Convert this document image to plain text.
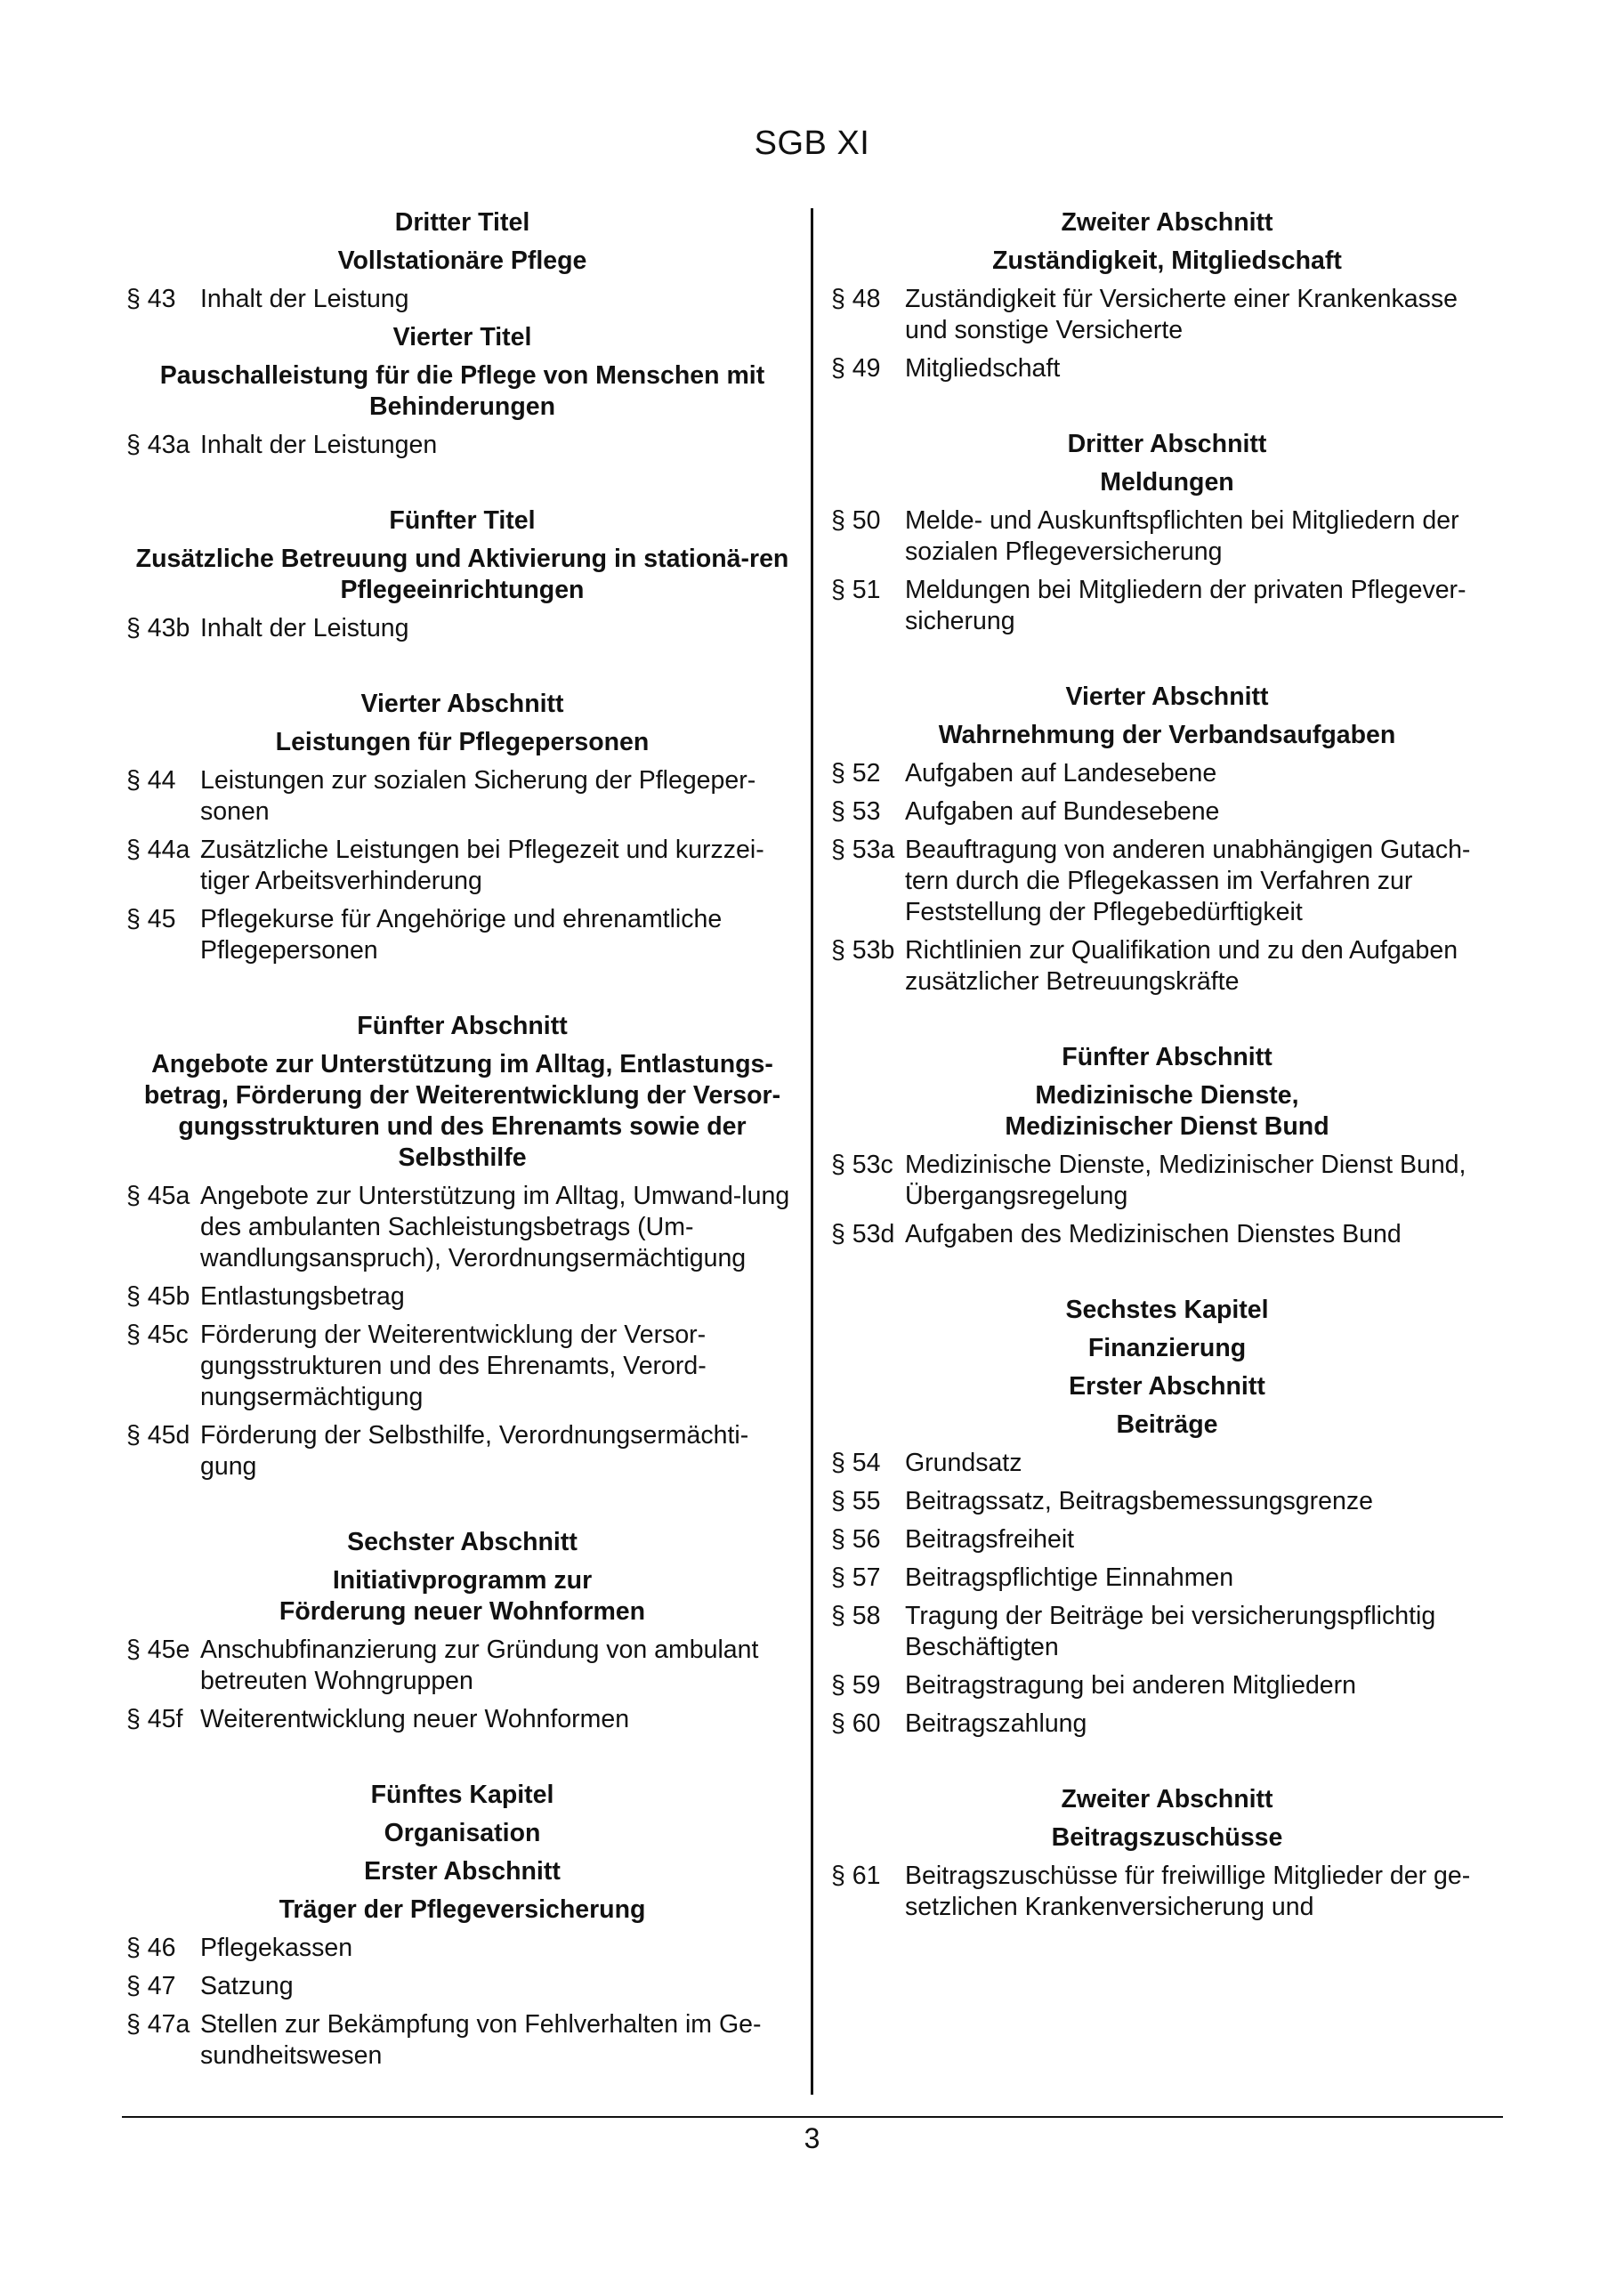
SGB XI
Dritter Titel
Vollstationäre Pflege
§ 43 Inhalt der Leistung
Vierter Titel
Pauschalleistung für die Pflege von Menschen mit Behinderungen
§ 43a Inhalt der Leistungen
Fünfter Titel
Zusätzliche Betreuung und Aktivierung in stationä-ren Pflegeeinrichtungen
§ 43b Inhalt der Leistung
Vierter Abschnitt
Leistungen für Pflegepersonen
§ 44 Leistungen zur sozialen Sicherung der Pflegeper-sonen
§ 44a Zusätzliche Leistungen bei Pflegezeit und kurzzei-tiger Arbeitsverhinderung
§ 45 Pflegekurse für Angehörige und ehrenamtliche Pflegepersonen
Fünfter Abschnitt
Angebote zur Unterstützung im Alltag, Entlastungs-betrag, Förderung der Weiterentwicklung der Versor-gungsstrukturen und des Ehrenamts sowie der Selbsthilfe
§ 45a Angebote zur Unterstützung im Alltag, Umwand-lung des ambulanten Sachleistungsbetrags (Um-wandlungsanspruch), Verordnungsermächtigung
§ 45b Entlastungsbetrag
§ 45c Förderung der Weiterentwicklung der Versor-gungsstrukturen und des Ehrenamts, Verord-nungsermächtigung
§ 45d Förderung der Selbsthilfe, Verordnungsermächti-gung
Sechster Abschnitt
Initiativprogramm zur
Förderung neuer Wohnformen
§ 45e Anschubfinanzierung zur Gründung von ambulant betreuten Wohngruppen
§ 45f Weiterentwicklung neuer Wohnformen
Fünftes Kapitel
Organisation
Erster Abschnitt
Träger der Pflegeversicherung
§ 46 Pflegekassen
§ 47 Satzung
§ 47a Stellen zur Bekämpfung von Fehlverhalten im Ge-sundheitswesen
Zweiter Abschnitt
Zuständigkeit, Mitgliedschaft
§ 48 Zuständigkeit für Versicherte einer Krankenkasse und sonstige Versicherte
§ 49 Mitgliedschaft
Dritter Abschnitt
Meldungen
§ 50 Melde- und Auskunftspflichten bei Mitgliedern der sozialen Pflegeversicherung
§ 51 Meldungen bei Mitgliedern der privaten Pflegever-sicherung
Vierter Abschnitt
Wahrnehmung der Verbandsaufgaben
§ 52 Aufgaben auf Landesebene
§ 53 Aufgaben auf Bundesebene
§ 53a Beauftragung von anderen unabhängigen Gutach-tern durch die Pflegekassen im Verfahren zur Feststellung der Pflegebedürftigkeit
§ 53b Richtlinien zur Qualifikation und zu den Aufgaben zusätzlicher Betreuungskräfte
Fünfter Abschnitt
Medizinische Dienste,
Medizinischer Dienst Bund
§ 53c Medizinische Dienste, Medizinischer Dienst Bund, Übergangsregelung
§ 53d Aufgaben des Medizinischen Dienstes Bund
Sechstes Kapitel
Finanzierung
Erster Abschnitt
Beiträge
§ 54 Grundsatz
§ 55 Beitragssatz, Beitragsbemessungsgrenze
§ 56 Beitragsfreiheit
§ 57 Beitragspflichtige Einnahmen
§ 58 Tragung der Beiträge bei versicherungspflichtig Beschäftigten
§ 59 Beitragstragung bei anderen Mitgliedern
§ 60 Beitragszahlung
Zweiter Abschnitt
Beitragszuschüsse
§ 61 Beitragszuschüsse für freiwillige Mitglieder der ge-setzlichen Krankenversicherung und
3
